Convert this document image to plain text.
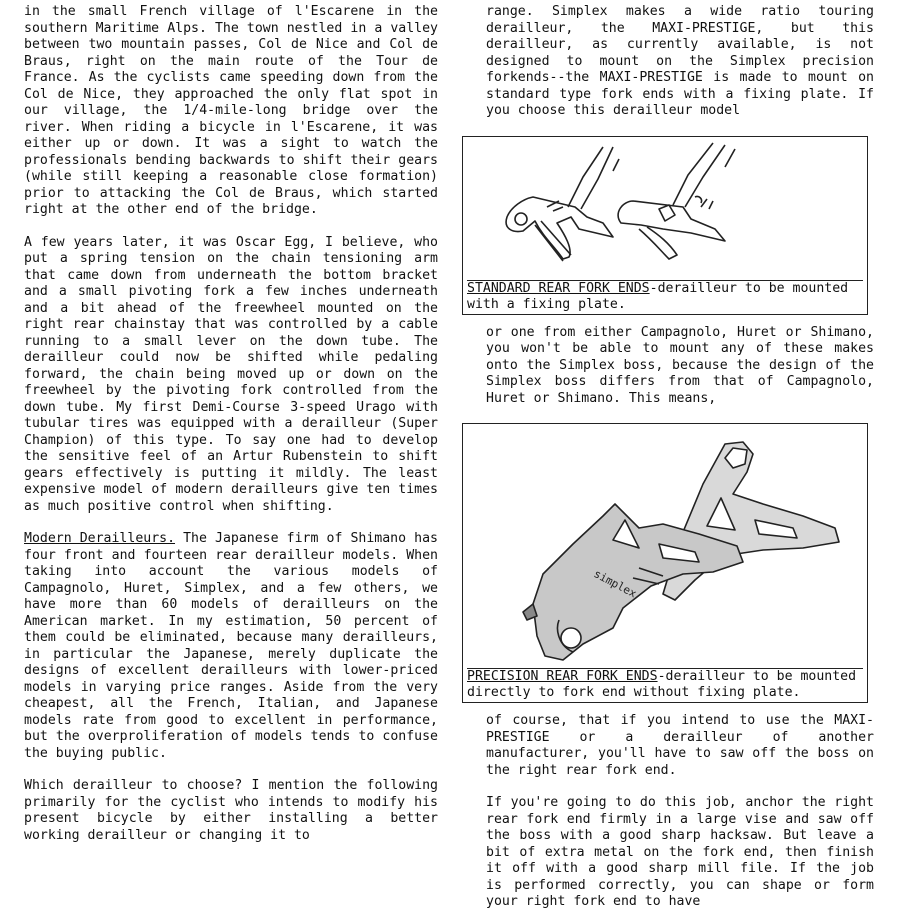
in the small French village of l'Escarene in the southern Maritime Alps. The town nestled in a valley between two mountain passes, Col de Nice and Col de Braus, right on the main route of the Tour de France. As the cyclists came speeding down from the Col de Nice, they approached the only flat spot in our village, the 1/4-mile-long bridge over the river. When riding a bicycle in l'Escarene, it was either up or down. It was a sight to watch the professionals bending backwards to shift their gears (while still keeping a reasonable close formation) prior to attacking the Col de Braus, which started right at the other end of the bridge.

A few years later, it was Oscar Egg, I believe, who put a spring tension on the chain tensioning arm that came down from underneath the bottom bracket and a small pivoting fork a few inches underneath and a bit ahead of the freewheel mounted on the right rear chainstay that was controlled by a cable running to a small lever on the down tube. The derailleur could now be shifted while pedaling forward, the chain being moved up or down on the freewheel by the pivoting fork controlled from the down tube. My first Demi-Course 3-speed Urago with tubular tires was equipped with a derailleur (Super Champion) of this type. To say one had to develop the sensitive feel of an Artur Rubenstein to shift gears effectively is putting it mildly. The least expensive model of modern derailleurs give ten times as much positive control when shifting.

Modern Derailleurs. The Japanese firm of Shimano has four front and fourteen rear derailleur models. When taking into account the various models of Campagnolo, Huret, Simplex, and a few others, we have more than 60 models of derailleurs on the American market. In my estimation, 50 percent of them could be eliminated, because many derailleurs, in particular the Japanese, merely duplicate the designs of excellent derailleurs with lower-priced models in varying price ranges. Aside from the very cheapest, all the French, Italian, and Japanese models rate from good to excellent in performance, but the overproliferation of models tends to confuse the buying public.

Which derailleur to choose? I mention the following primarily for the cyclist who intends to modify his present bicycle by either installing a better working derailleur or changing it to

range. Simplex makes a wide ratio touring derailleur, the MAXI-PRESTIGE, but this derailleur, as currently available, is not designed to mount on the Simplex precision forkends--the MAXI-PRESTIGE is made to mount on standard type fork ends with a fixing plate. If you choose this derailleur model

STANDARD REAR FORK ENDS-derailleur to be mounted with a fixing plate.

or one from either Campagnolo, Huret or Shimano, you won't be able to mount any of these makes onto the Simplex boss, because the design of the Simplex boss differs from that of Campagnolo, Huret or Shimano. This means,

simplex
PRECISION REAR FORK ENDS-derailleur to be mounted directly to fork end without fixing plate.

of course, that if you intend to use the MAXI-PRESTIGE or a derailleur of another manufacturer, you'll have to saw off the boss on the right rear fork end.

If you're going to do this job, anchor the right rear fork end firmly in a large vise and saw off the boss with a good sharp hacksaw. But leave a bit of extra metal on the fork end, then finish it off with a good sharp mill file. If the job is performed correctly, you can shape or form your right fork end to have
